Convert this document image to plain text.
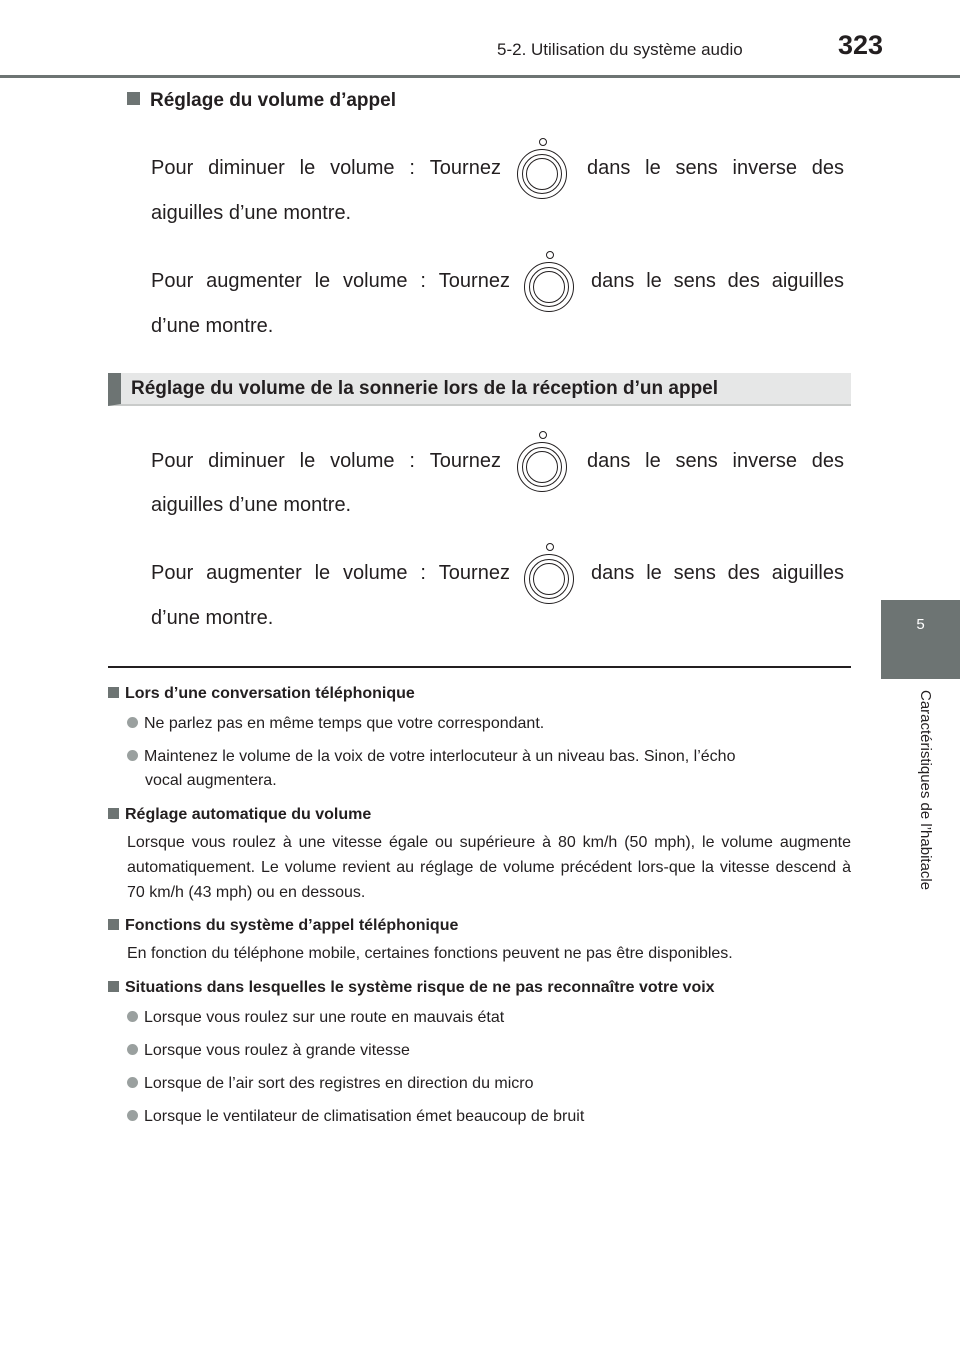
5-2. Utilisation du système audio	323
5
Caractéristiques de l’habitacle
Réglage du volume d’appel
Pour diminuer le volume : Tournez	dans le sens inverse des
aiguilles d’une montre.
Pour augmenter le volume : Tournez	dans le sens des aiguilles
d’une montre.
Réglage du volume de la sonnerie lors de la réception d’un appel
Pour diminuer le volume : Tournez	dans le sens inverse des
aiguilles d’une montre.
Pour augmenter le volume : Tournez	dans le sens des aiguilles
d’une montre.
Lors d’une conversation téléphonique
Ne parlez pas en même temps que votre correspondant.
Maintenez le volume de la voix de votre interlocuteur à un niveau bas. Sinon, l’écho
vocal augmentera.
Réglage automatique du volume
Lorsque vous roulez à une vitesse égale ou supérieure à 80 km/h (50 mph), le volume augmente automatiquement. Le volume revient au réglage de volume précédent lors-que la vitesse descend à 70 km/h (43 mph) ou en dessous.
Fonctions du système d’appel téléphonique
En fonction du téléphone mobile, certaines fonctions peuvent ne pas être disponibles.
Situations dans lesquelles le système risque de ne pas reconnaître votre voix
Lorsque vous roulez sur une route en mauvais état
Lorsque vous roulez à grande vitesse
Lorsque de l’air sort des registres en direction du micro
Lorsque le ventilateur de climatisation émet beaucoup de bruit
